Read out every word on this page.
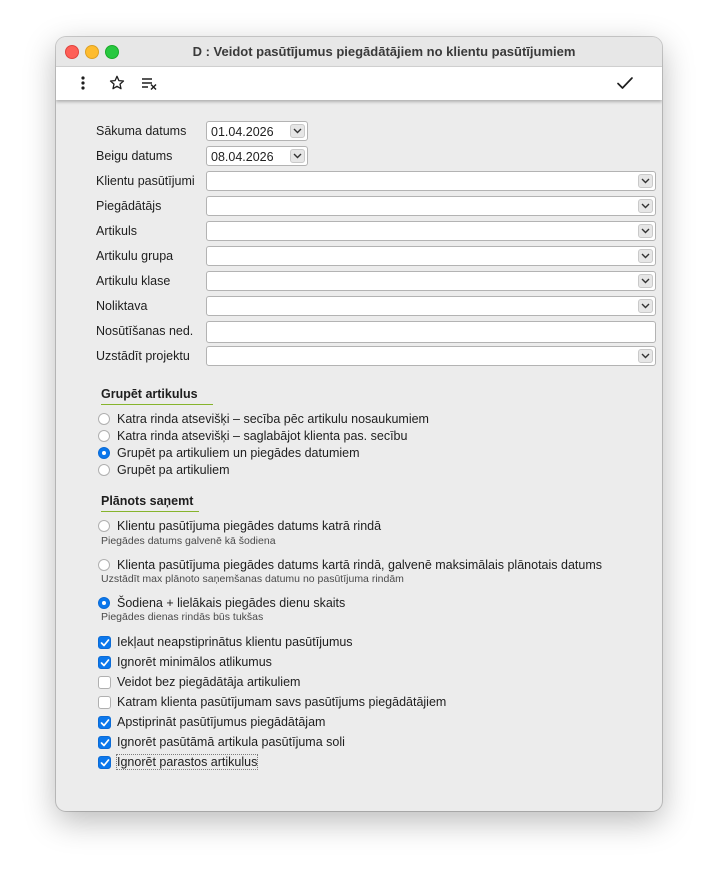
D : Veidot pasūtījumus piegādātājiem no klientu pasūtījumiem
Sākuma datums 01.04.2026
Beigu datums	08.04.2026
Klientu pasūtījumi
Piegādātājs
Artikuls
Artikulu grupa
Artikulu klase
Noliktava
Nosūtīšanas ned.
Uzstādīt projektu
Grupēt artikulus
Katra rinda atsevišķi – secība pēc artikulu nosaukumiem
Katra rinda atsevišķi – saglabājot klienta pas. secību
Grupēt pa artikuliem un piegādes datumiem
Grupēt pa artikuliem
Plānots saņemt
Klientu pasūtījuma piegādes datums katrā rindā
Piegādes datums galvenē kā šodiena
Klienta pasūtījuma piegādes datums kartā rindā, galvenē maksimālais plānotais datums
Uzstādīt max plānoto saņemšanas datumu no pasūtījuma rindām
Šodiena + lielākais piegādes dienu skaits
Piegādes dienas rindās būs tukšas
Iekļaut neapstiprinātus klientu pasūtījumus
Ignorēt minimālos atlikumus
Veidot bez piegādātāja artikuliem
Katram klienta pasūtījumam savs pasūtījums piegādātājiem
Apstiprināt pasūtījumus piegādātājam
Ignorēt pasūtāmā artikula pasūtījuma soli
Ignorēt parastos artikulus
